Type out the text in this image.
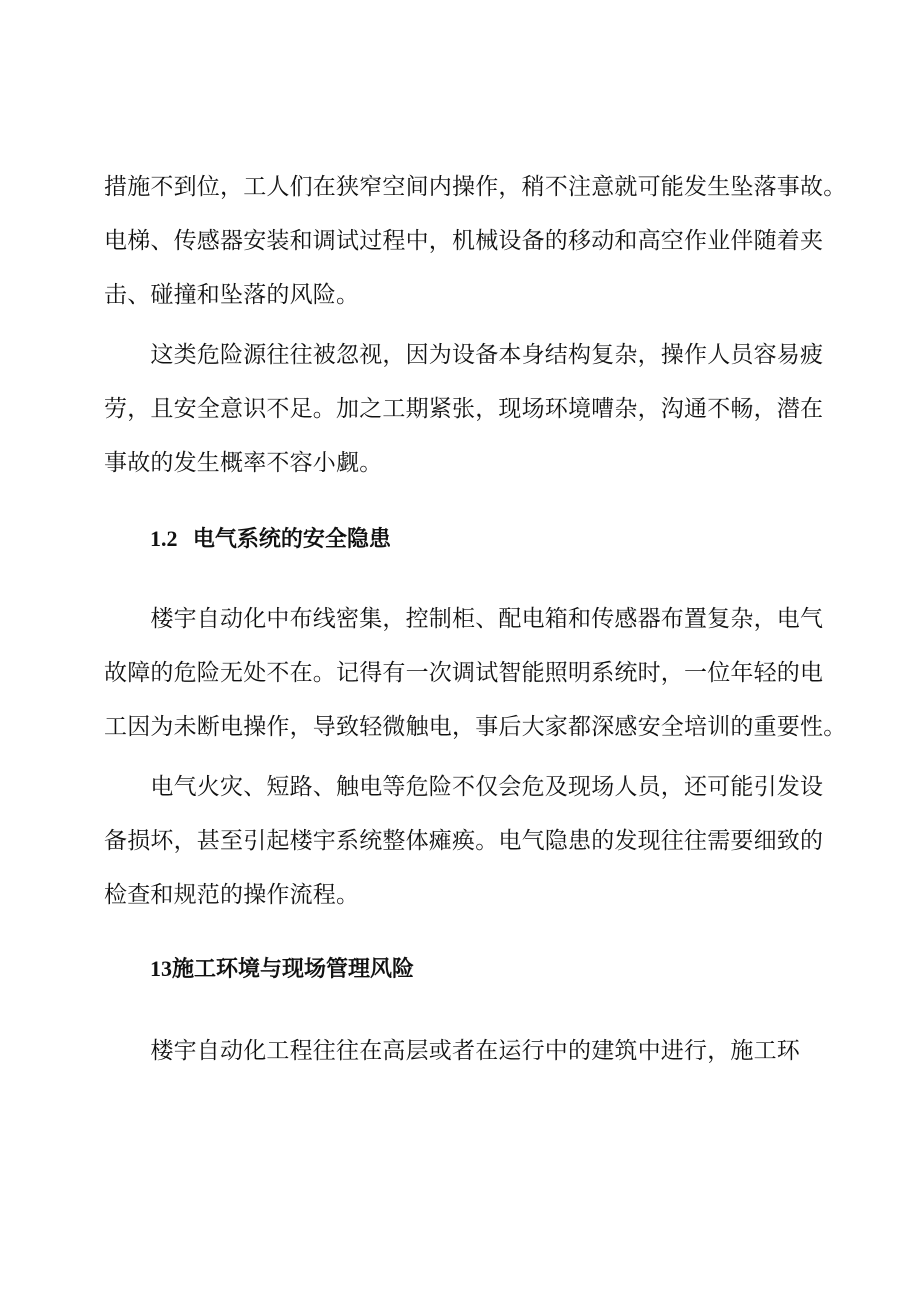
措施不到位，工人们在狭窄空间内操作，稍不注意就可能发生坠落事故。
电梯、传感器安装和调试过程中，机械设备的移动和高空作业伴随着夹
击、碰撞和坠落的风险。

　　这类危险源往往被忽视，因为设备本身结构复杂，操作人员容易疲
劳，且安全意识不足。加之工期紧张，现场环境嘈杂，沟通不畅，潜在
事故的发生概率不容小觑。

1.2 电气系统的安全隐患

　　楼宇自动化中布线密集，控制柜、配电箱和传感器布置复杂，电气
故障的危险无处不在。记得有一次调试智能照明系统时，一位年轻的电
工因为未断电操作，导致轻微触电，事后大家都深感安全培训的重要性。

　　电气火灾、短路、触电等危险不仅会危及现场人员，还可能引发设
备损坏，甚至引起楼宇系统整体瘫痪。电气隐患的发现往往需要细致的
检查和规范的操作流程。

13施工环境与现场管理风险

　　楼宇自动化工程往往在高层或者在运行中的建筑中进行，施工环
